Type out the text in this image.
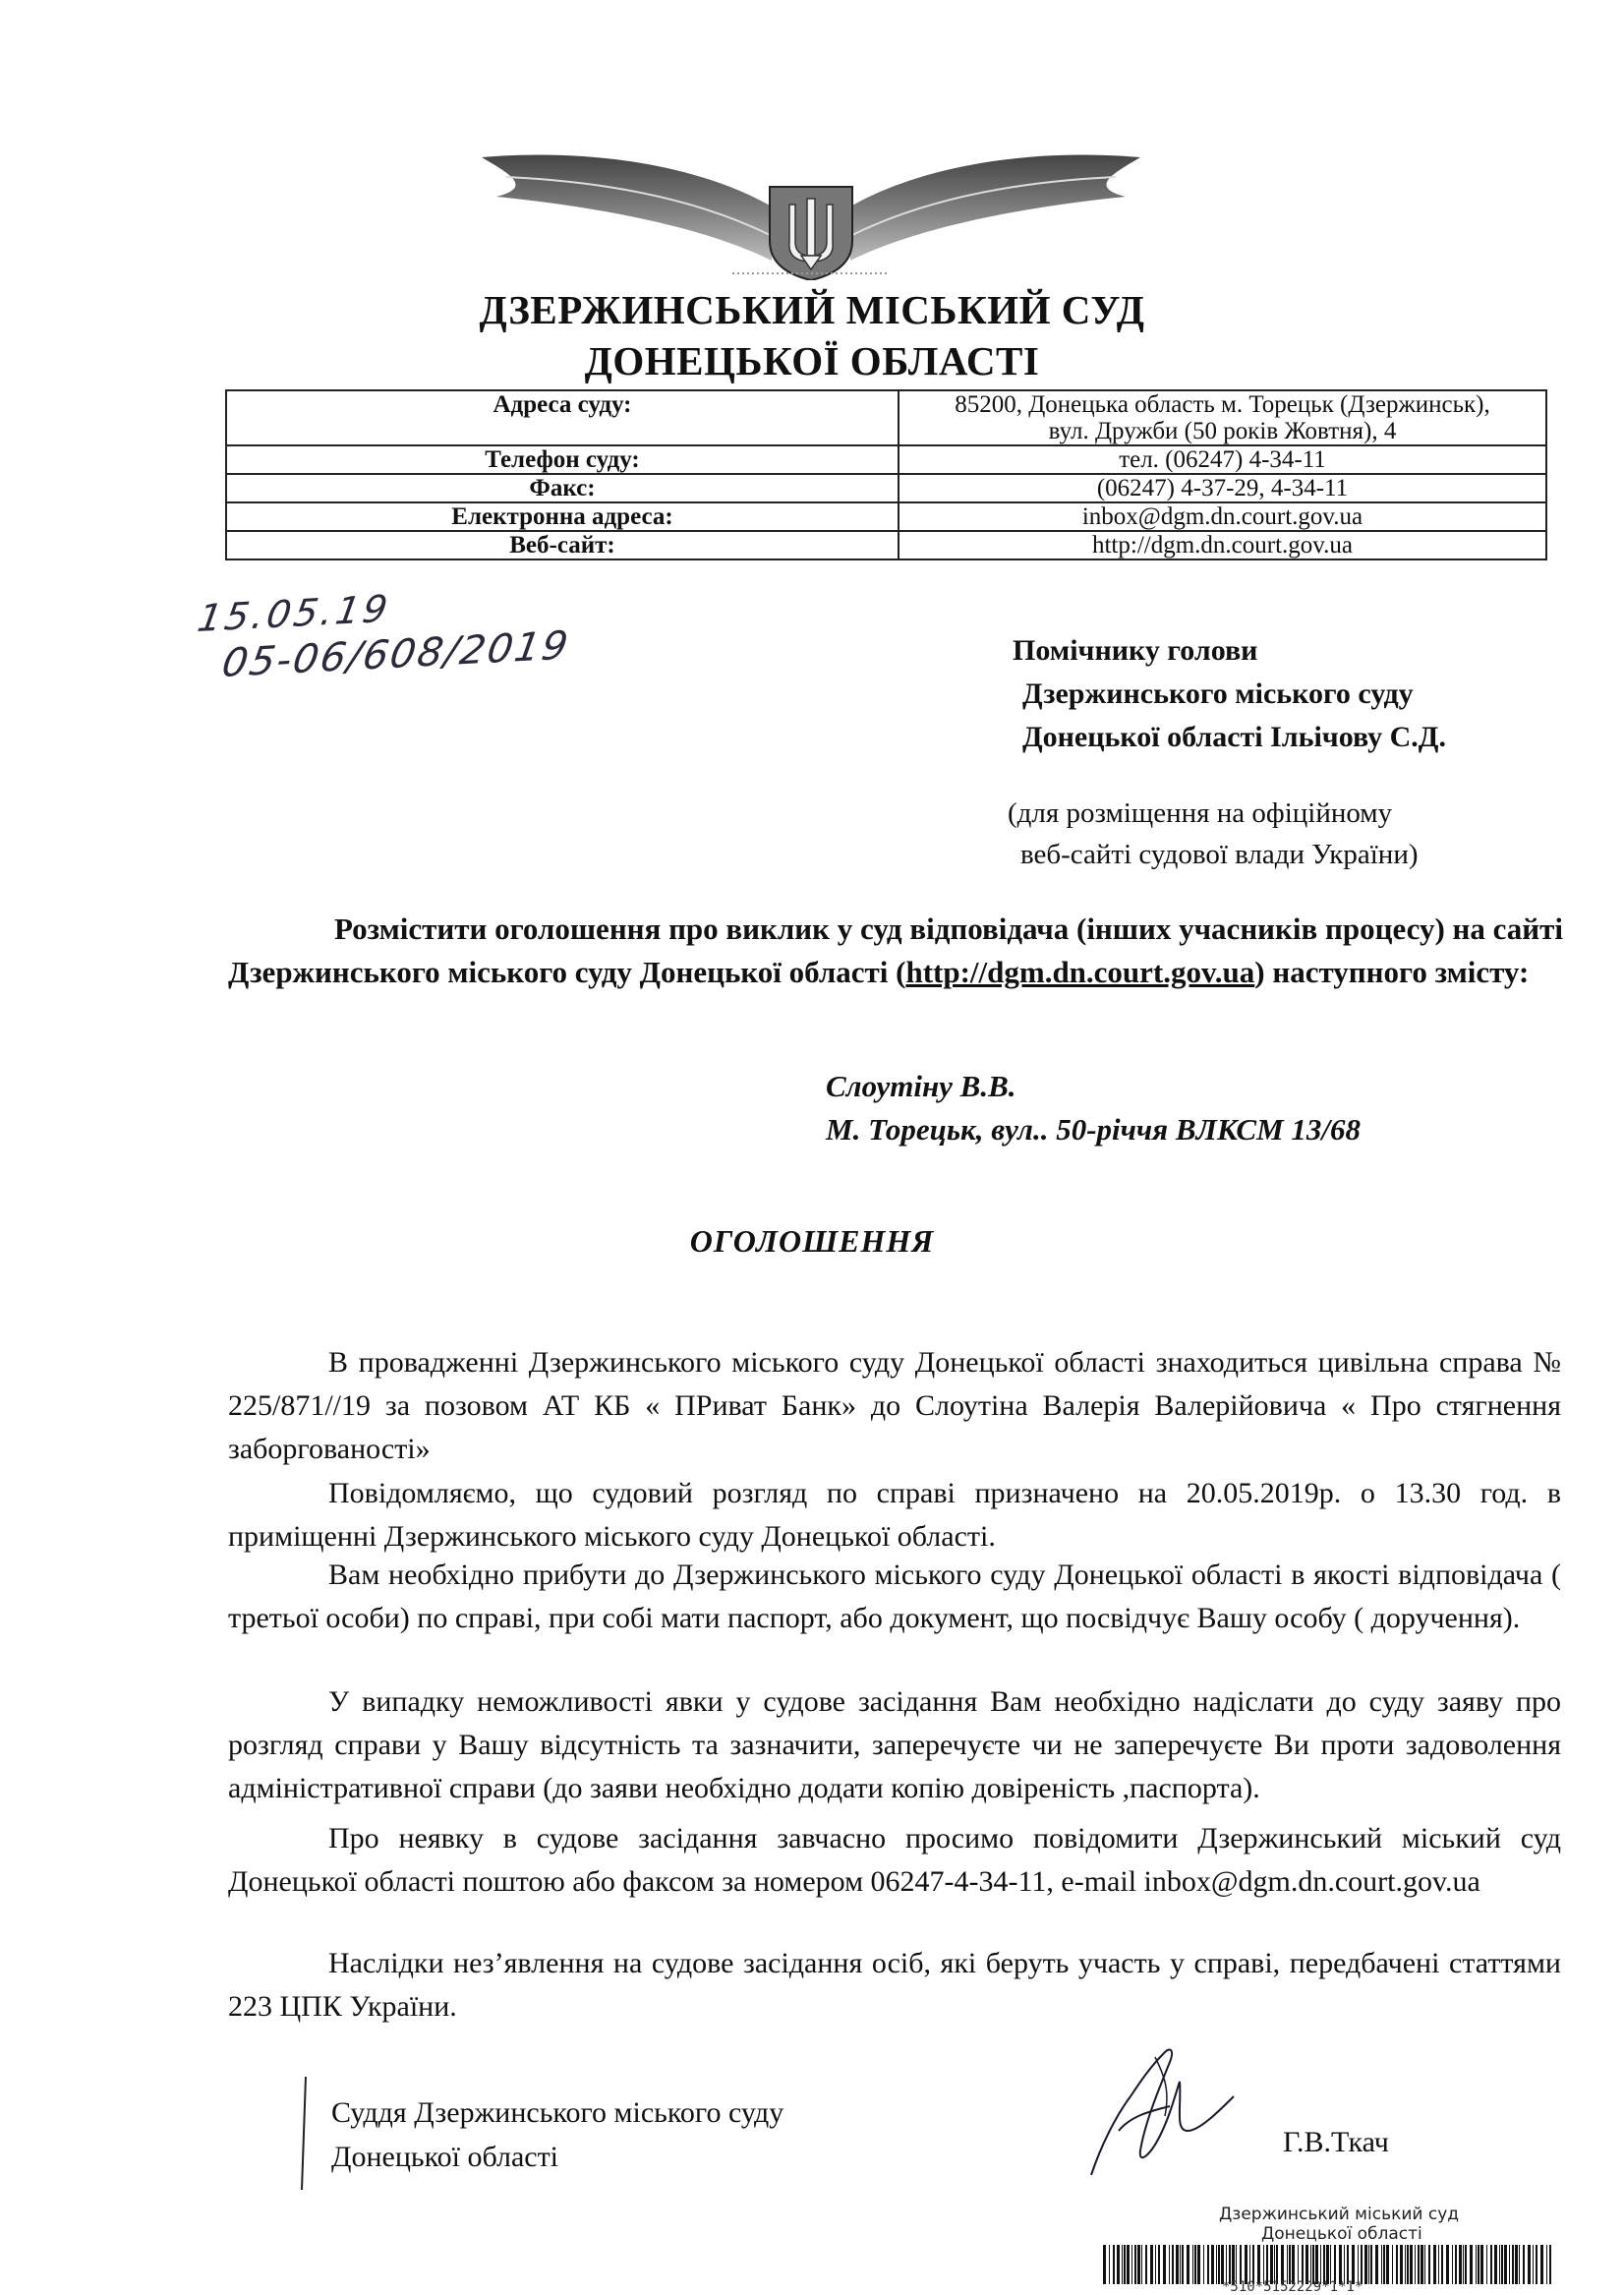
ДЗЕРЖИНСЬКИЙ МІСЬКИЙ СУД
ДОНЕЦЬКОЇ ОБЛАСТІ
Адреса суду:	85200, Донецька область м. Торецьк (Дзержинськ),
вул. Дружби (50 років Жовтня), 4

Телефон суду:	тел. (06247) 4-34-11
Факс:	(06247) 4-37-29, 4-34-11
Електронна адреса:	inbox@dgm.dn.court.gov.ua
Веб-сайт:	http://dgm.dn.court.gov.ua
15.05.19
05-06/608/2019	Помічнику голови
Дзержинського міського суду
Донецької області Ільічову С.Д.
(для розміщення на офіційному
веб-сайті судової влади України)
Розмістити оголошення про виклик у суд відповідача (інших учасників процесу) на сайті Дзержинського міського суду Донецької області (http://dgm.dn.court.gov.ua) наступного змісту:
Слоутіну В.В.
М. Торецьк, вул.. 50-річчя ВЛКСМ 13/68
ОГОЛОШЕННЯ
В провадженні Дзержинського міського суду Донецької області знаходиться цивільна справа № 225/871//19 за позовом АТ КБ « ПРиват Банк» до Слоутіна Валерія Валерійовича « Про стягнення заборгованості»
Повідомляємо, що судовий розгляд по справі призначено на 20.05.2019р. о 13.30 год. в приміщенні Дзержинського міського суду Донецької області.
Вам необхідно прибути до Дзержинського міського суду Донецької області в якості відповідача ( третьої особи) по справі, при собі мати паспорт, або документ, що посвідчує Вашу особу ( доручення).
У випадку неможливості явки у судове засідання Вам необхідно надіслати до суду заяву про розгляд справи у Вашу відсутність та зазначити, заперечуєте чи не заперечуєте Ви проти задоволення адміністративної справи (до заяви необхідно додати копію довіреність ,паспорта).
Про неявку в судове засідання завчасно просимо повідомити Дзержинський міський суд Донецької області поштою або факсом за номером 06247-4-34-11, e-mail inbox@dgm.dn.court.gov.ua
Наслідки нез’явлення на судове засідання осіб, які беруть участь у справі, передбачені статтями 223 ЦПК України.
Суддя Дзержинського міського суду
Донецької області	Г.В.Ткач
Дзержинський міський суд
Донецької області
*510*5152229*1*1*
